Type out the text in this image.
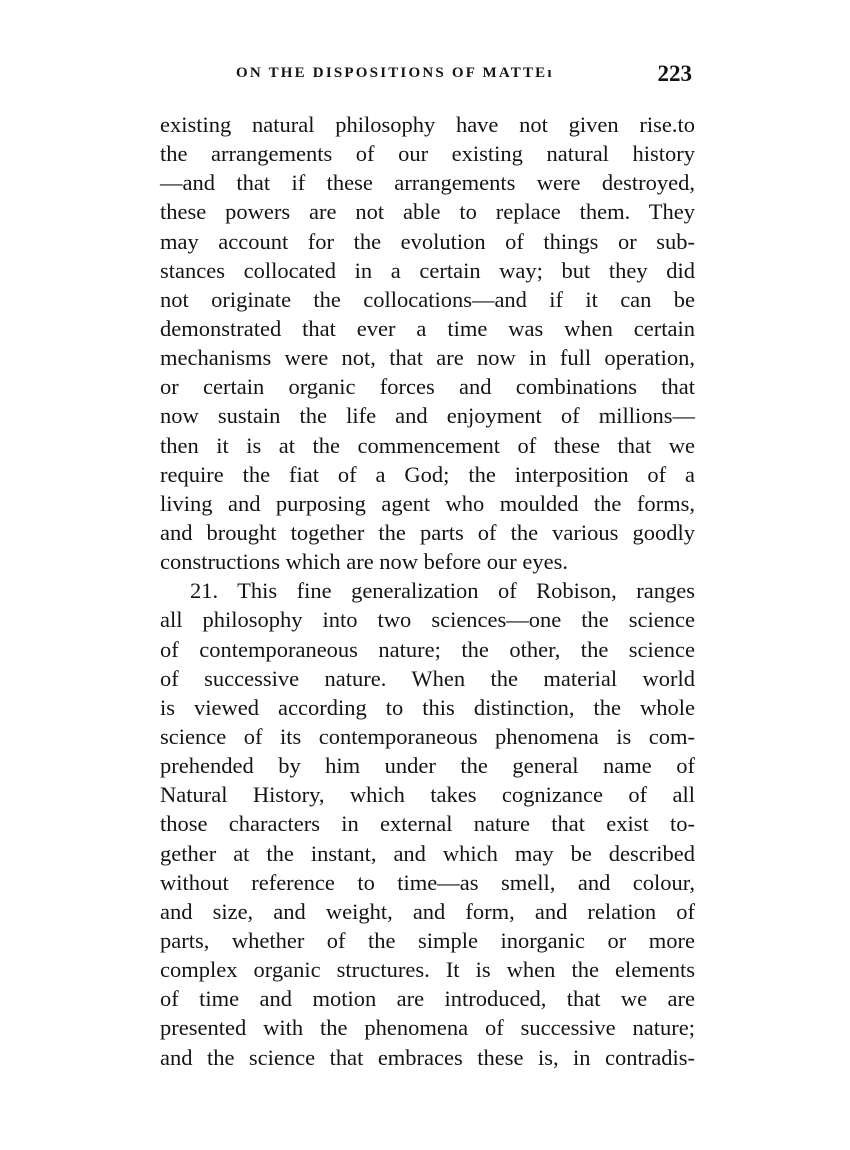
ON THE DISPOSITIONS OF MATTEı	223
existing natural philosophy have not given rise.to
the arrangements of our existing natural history
—and that if these arrangements were destroyed,
these powers are not able to replace them. They
may account for the evolution of things or sub-
stances collocated in a certain way; but they did
not originate the collocations—and if it can be
demonstrated that ever a time was when certain
mechanisms were not, that are now in full operation,
or certain organic forces and combinations that
now sustain the life and enjoyment of millions—
then it is at the commencement of these that we
require the fiat of a God; the interposition of a
living and purposing agent who moulded the forms,
and brought together the parts of the various goodly
constructions which are now before our eyes.
21. This fine generalization of Robison, ranges
all philosophy into two sciences—one the science
of contemporaneous nature; the other, the science
of successive nature. When the material world
is viewed according to this distinction, the whole
science of its contemporaneous phenomena is com-
prehended by him under the general name of
Natural History, which takes cognizance of all
those characters in external nature that exist to-
gether at the instant, and which may be described
without reference to time—as smell, and colour,
and size, and weight, and form, and relation of
parts, whether of the simple inorganic or more
complex organic structures. It is when the elements
of time and motion are introduced, that we are
presented with the phenomena of successive nature;
and the science that embraces these is, in contradis-
